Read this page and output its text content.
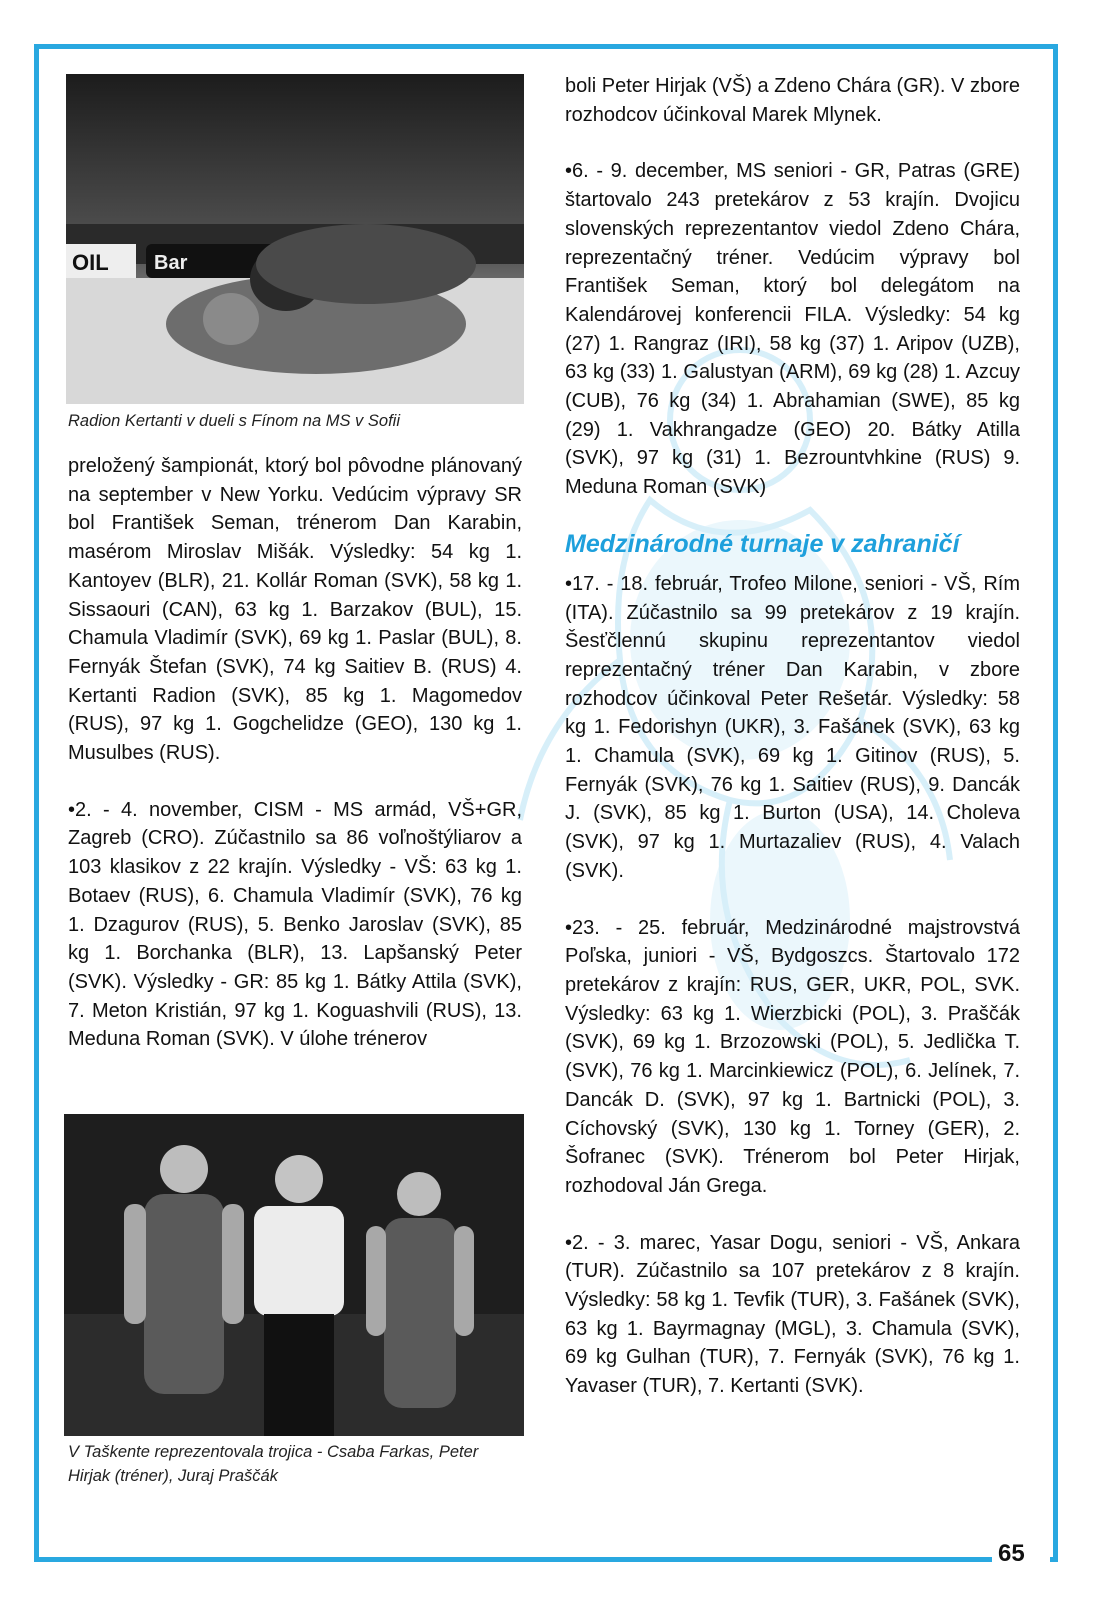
65
OIL Bar
Radion Kertanti v dueli s Fínom na MS v Sofii

preložený šampionát, ktorý bol pôvodne plánovaný na september v New Yorku. Vedúcim výpravy SR bol František Seman, trénerom Dan Karabin, masérom Miroslav Mišák. Výsledky: 54 kg 1. Kantoyev (BLR), 21. Kollár Roman (SVK), 58 kg 1. Sissaouri (CAN), 63 kg 1. Barzakov (BUL), 15. Chamula Vladimír (SVK), 69 kg 1. Paslar (BUL), 8. Fernyák Štefan (SVK), 74 kg Saitiev B. (RUS) 4. Kertanti Radion (SVK), 85 kg 1. Magomedov (RUS), 97 kg 1. Gogchelidze (GEO), 130 kg 1. Musulbes (RUS).

•2. - 4. november, CISM - MS armád, VŠ+GR, Zagreb (CRO). Zúčastnilo sa 86 voľnoštýliarov a 103 klasikov z 22 krajín. Výsledky - VŠ: 63 kg 1. Botaev (RUS), 6. Chamula Vladimír (SVK), 76 kg 1. Dzagurov (RUS), 5. Benko Jaroslav (SVK), 85 kg 1. Borchanka (BLR), 13. Lapšanský Peter (SVK). Výsledky - GR: 85 kg 1. Bátky Attila (SVK), 7. Meton Kristián, 97 kg 1. Koguashvili (RUS), 13. Meduna Roman (SVK). V úlohe trénerov

V Taškente reprezentovala trojica - Csaba Farkas, Peter Hirjak (tréner), Juraj Praščák

boli Peter Hirjak (VŠ) a Zdeno Chára (GR). V zbore rozhodcov účinkoval Marek Mlynek.

•6. - 9. december, MS seniori - GR, Patras (GRE) štartovalo 243 pretekárov z 53 krajín. Dvojicu slovenských reprezentantov viedol Zdeno Chára, reprezentačný tréner. Vedúcim výpravy bol František Seman, ktorý bol delegátom na Kalendárovej konferencii FILA. Výsledky: 54 kg (27) 1. Rangraz (IRI), 58 kg (37) 1. Aripov (UZB), 63 kg (33) 1. Galustyan (ARM), 69 kg (28) 1. Azcuy (CUB), 76 kg (34) 1. Abrahamian (SWE), 85 kg (29) 1. Vakhrangadze (GEO) 20. Bátky Atilla (SVK), 97 kg (31) 1. Bezrountvhkine (RUS) 9. Meduna Roman (SVK)

Medzinárodné turnaje v zahraničí

•17. - 18. február, Trofeo Milone, seniori - VŠ, Rím (ITA). Zúčastnilo sa 99 pretekárov z 19 krajín. Šesťčlennú skupinu reprezentantov viedol reprezentačný tréner Dan Karabin, v zbore rozhodcov účinkoval Peter Rešetár. Výsledky: 58 kg 1. Fedorishyn (UKR), 3. Fašánek (SVK), 63 kg 1. Chamula (SVK), 69 kg 1. Gitinov (RUS), 5. Fernyák (SVK), 76 kg 1. Saitiev (RUS), 9. Dancák J. (SVK), 85 kg 1. Burton (USA), 14. Choleva (SVK), 97 kg 1. Murtazaliev (RUS), 4. Valach (SVK).

•23. - 25. február, Medzinárodné majstrovstvá Poľska, juniori - VŠ, Bydgoszcs. Štartovalo 172 pretekárov z krajín: RUS, GER, UKR, POL, SVK. Výsledky: 63 kg 1. Wierzbicki (POL), 3. Praščák (SVK), 69 kg 1. Brzozowski (POL), 5. Jedlička T. (SVK), 76 kg 1. Marcinkiewicz (POL), 6. Jelínek, 7. Dancák D. (SVK), 97 kg 1. Bartnicki (POL), 3. Cíchovský (SVK), 130 kg 1. Torney (GER), 2. Šofranec (SVK). Trénerom bol Peter Hirjak, rozhodoval Ján Grega.

•2. - 3. marec, Yasar Dogu, seniori - VŠ, Ankara (TUR). Zúčastnilo sa 107 pretekárov z 8 krajín. Výsledky: 58 kg 1. Tevfik (TUR), 3. Fašánek (SVK), 63 kg 1. Bayrmagnay (MGL), 3. Chamula (SVK), 69 kg Gulhan (TUR), 7. Fernyák (SVK), 76 kg 1. Yavaser (TUR), 7. Kertanti (SVK).
